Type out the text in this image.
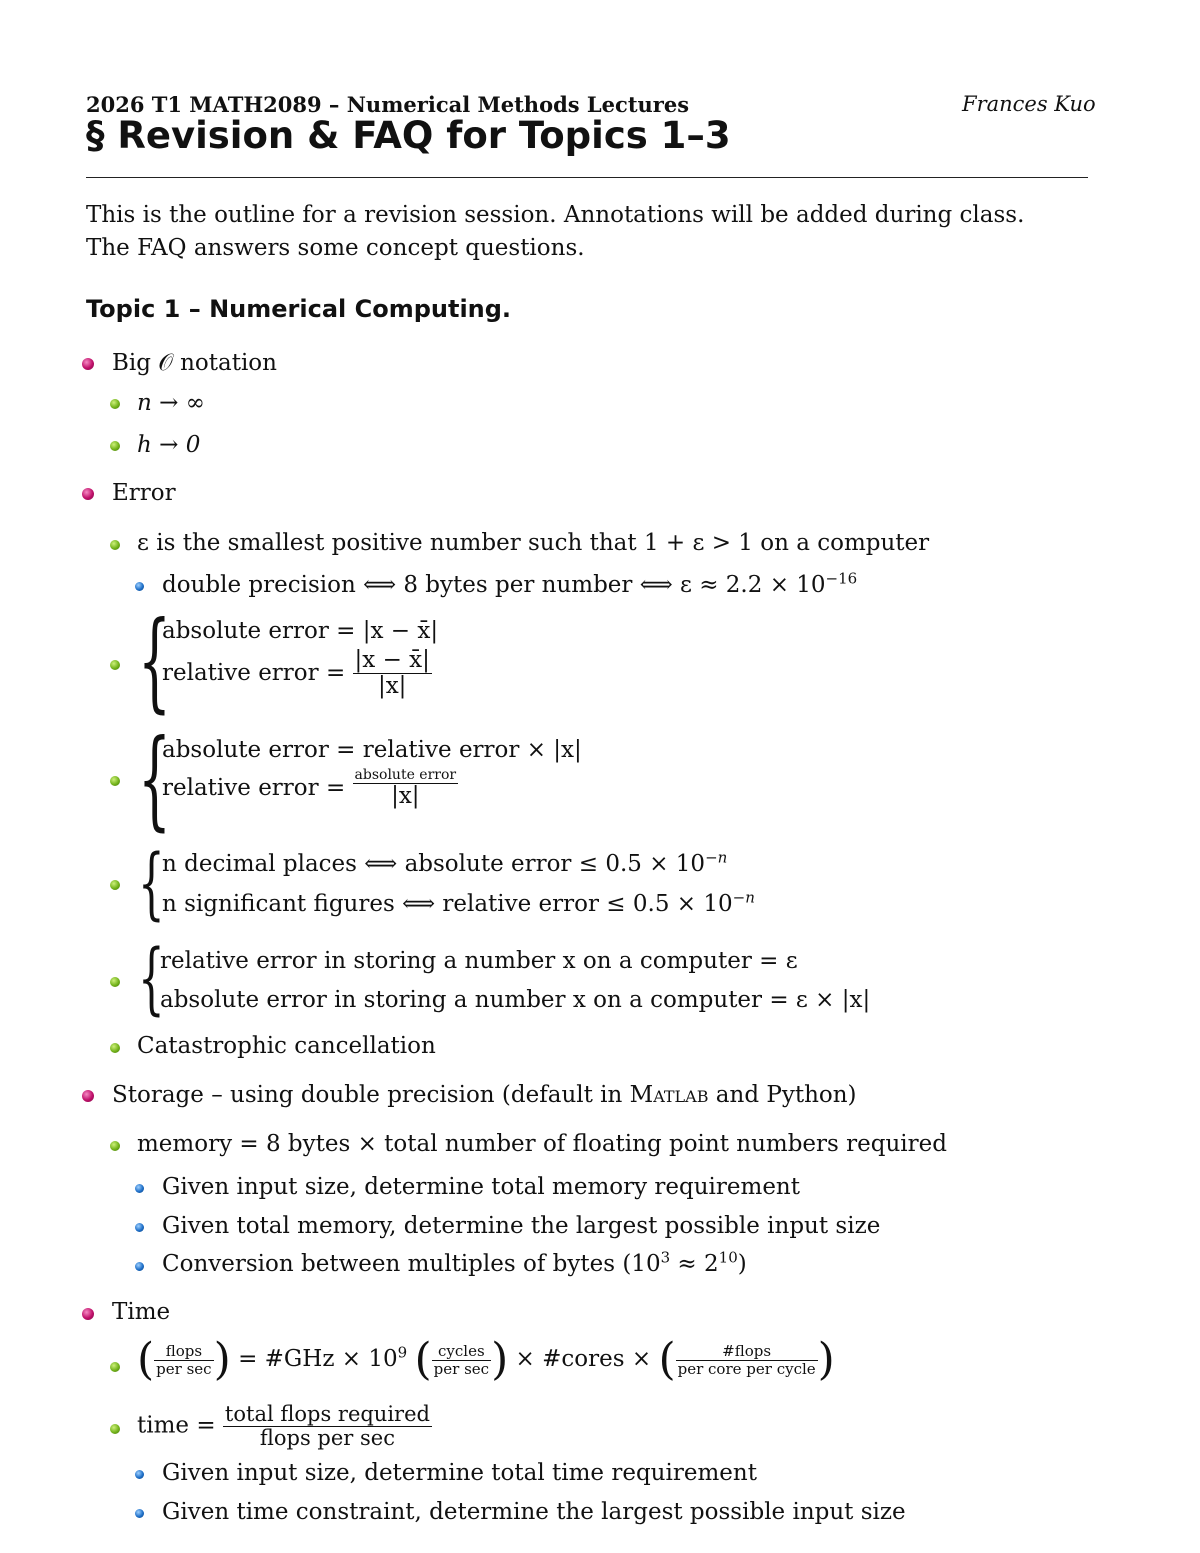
2026 T1 MATH2089 – Numerical Methods Lectures	Frances Kuo
§ Revision & FAQ for Topics 1–3
This is the outline for a revision session. Annotations will be added during class.
The FAQ answers some concept questions.
Topic 1 – Numerical Computing.
Big 𝒪 notation
n → ∞
h → 0
Error
ε is the smallest positive number such that 1 + ε > 1 on a computer
double precision ⟺ 8 bytes per number ⟺ $\varepsilon \approx 2.2 \times 10^{-16}$
{
absolute error = |x − x̄|
relative error = $\frac{|x - x̄|}{|x|}$
{
absolute error = relative error × |x|
relative error = $\frac{\text{absolute error}}{|x|}$
{
n decimal places ⟺ absolute error ≤ $0.5 \times 10^{-n}$
n significant figures ⟺ relative error ≤ $0.5 \times 10^{-n}$
{
relative error in storing a number x on a computer = ε
absolute error in storing a number x on a computer = ε × |x|
Catastrophic cancellation
Storage – using double precision (default in Matlab and Python)
memory = 8 bytes × total number of floating point numbers required
Given input size, determine total memory requirement
Given total memory, determine the largest possible input size
Conversion between multiples of bytes $(10^3 \approx 2^{10})$
Time
( $\frac{\text{flops}}{\text{per sec}}$ ) = #GHz × $10^9$ ( $\frac{\text{cycles}}{\text{per sec}}$ ) × #cores × ( $\frac{\text{\#flops}}{\text{per core per cycle}}$ )
time = $\frac{\text{total flops required}}{\text{flops per sec}}$
Given input size, determine total time requirement
Given time constraint, determine the largest possible input size
